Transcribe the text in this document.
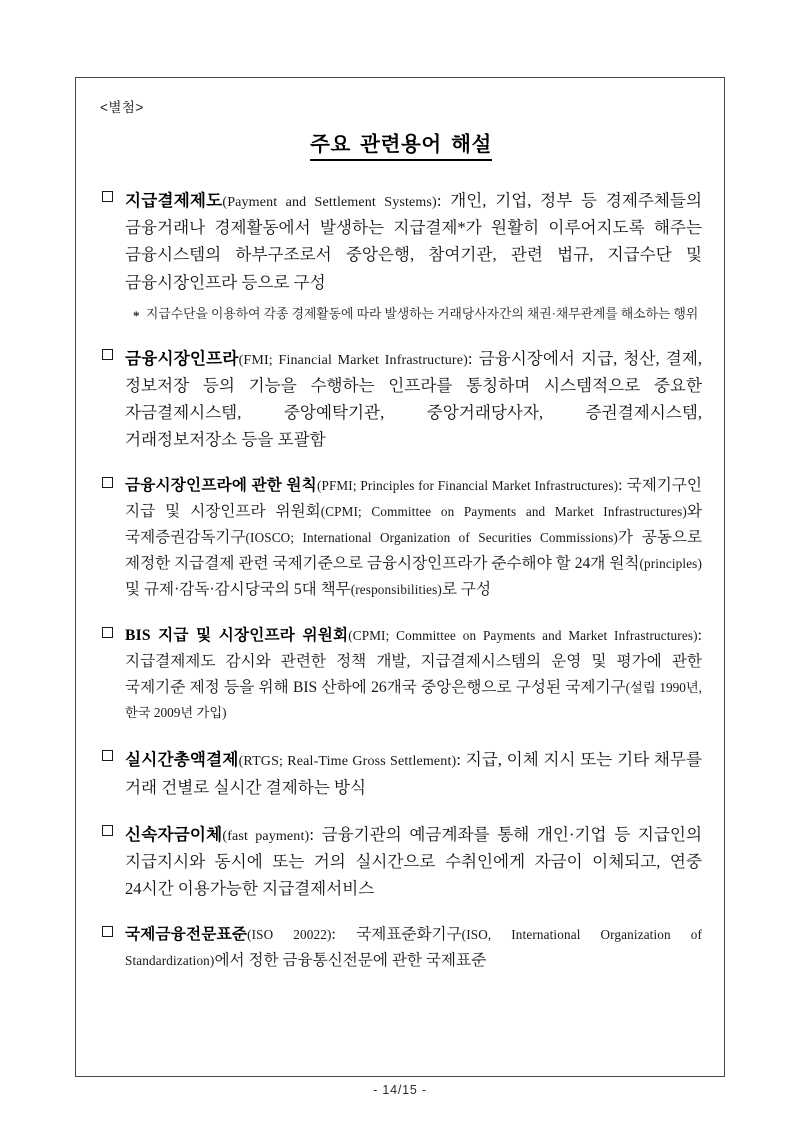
<별첨>
주요 관련용어 해설
지급결제제도(Payment and Settlement Systems): 개인, 기업, 정부 등 경제주체들의 금융거래나 경제활동에서 발생하는 지급결제*가 원활히 이루어지도록 해주는 금융시스템의 하부구조로서 중앙은행, 참여기관, 관련 법규, 지급수단 및 금융시장인프라 등으로 구성
* 지급수단을 이용하여 각종 경제활동에 따라 발생하는 거래당사자간의 채권·채무관계를 해소하는 행위
금융시장인프라(FMI; Financial Market Infrastructure): 금융시장에서 지급, 청산, 결제, 정보저장 등의 기능을 수행하는 인프라를 통칭하며 시스템적으로 중요한 자금결제시스템, 중앙예탁기관, 중앙거래당사자, 증권결제시스템, 거래정보저장소 등을 포괄함
금융시장인프라에 관한 원칙(PFMI; Principles for Financial Market Infrastructures): 국제기구인 지급 및 시장인프라 위원회(CPMI; Committee on Payments and Market Infrastructures)와 국제증권감독기구(IOSCO; International Organization of Securities Commissions)가 공동으로 제정한 지급결제 관련 국제기준으로 금융시장인프라가 준수해야 할 24개 원칙(principles) 및 규제·감독·감시당국의 5대 책무(responsibilities)로 구성
BIS 지급 및 시장인프라 위원회(CPMI; Committee on Payments and Market Infrastructures): 지급결제제도 감시와 관련한 정책 개발, 지급결제시스템의 운영 및 평가에 관한 국제기준 제정 등을 위해 BIS 산하에 26개국 중앙은행으로 구성된 국제기구(설립 1990년, 한국 2009년 가입)
실시간총액결제(RTGS; Real-Time Gross Settlement): 지급, 이체 지시 또는 기타 채무를 거래 건별로 실시간 결제하는 방식
신속자금이체(fast payment): 금융기관의 예금계좌를 통해 개인·기업 등 지급인의 지급지시와 동시에 또는 거의 실시간으로 수취인에게 자금이 이체되고, 연중 24시간 이용가능한 지급결제서비스
국제금융전문표준(ISO 20022): 국제표준화기구(ISO, International Organization of Standardization)에서 정한 금융통신전문에 관한 국제표준
- 14/15 -
